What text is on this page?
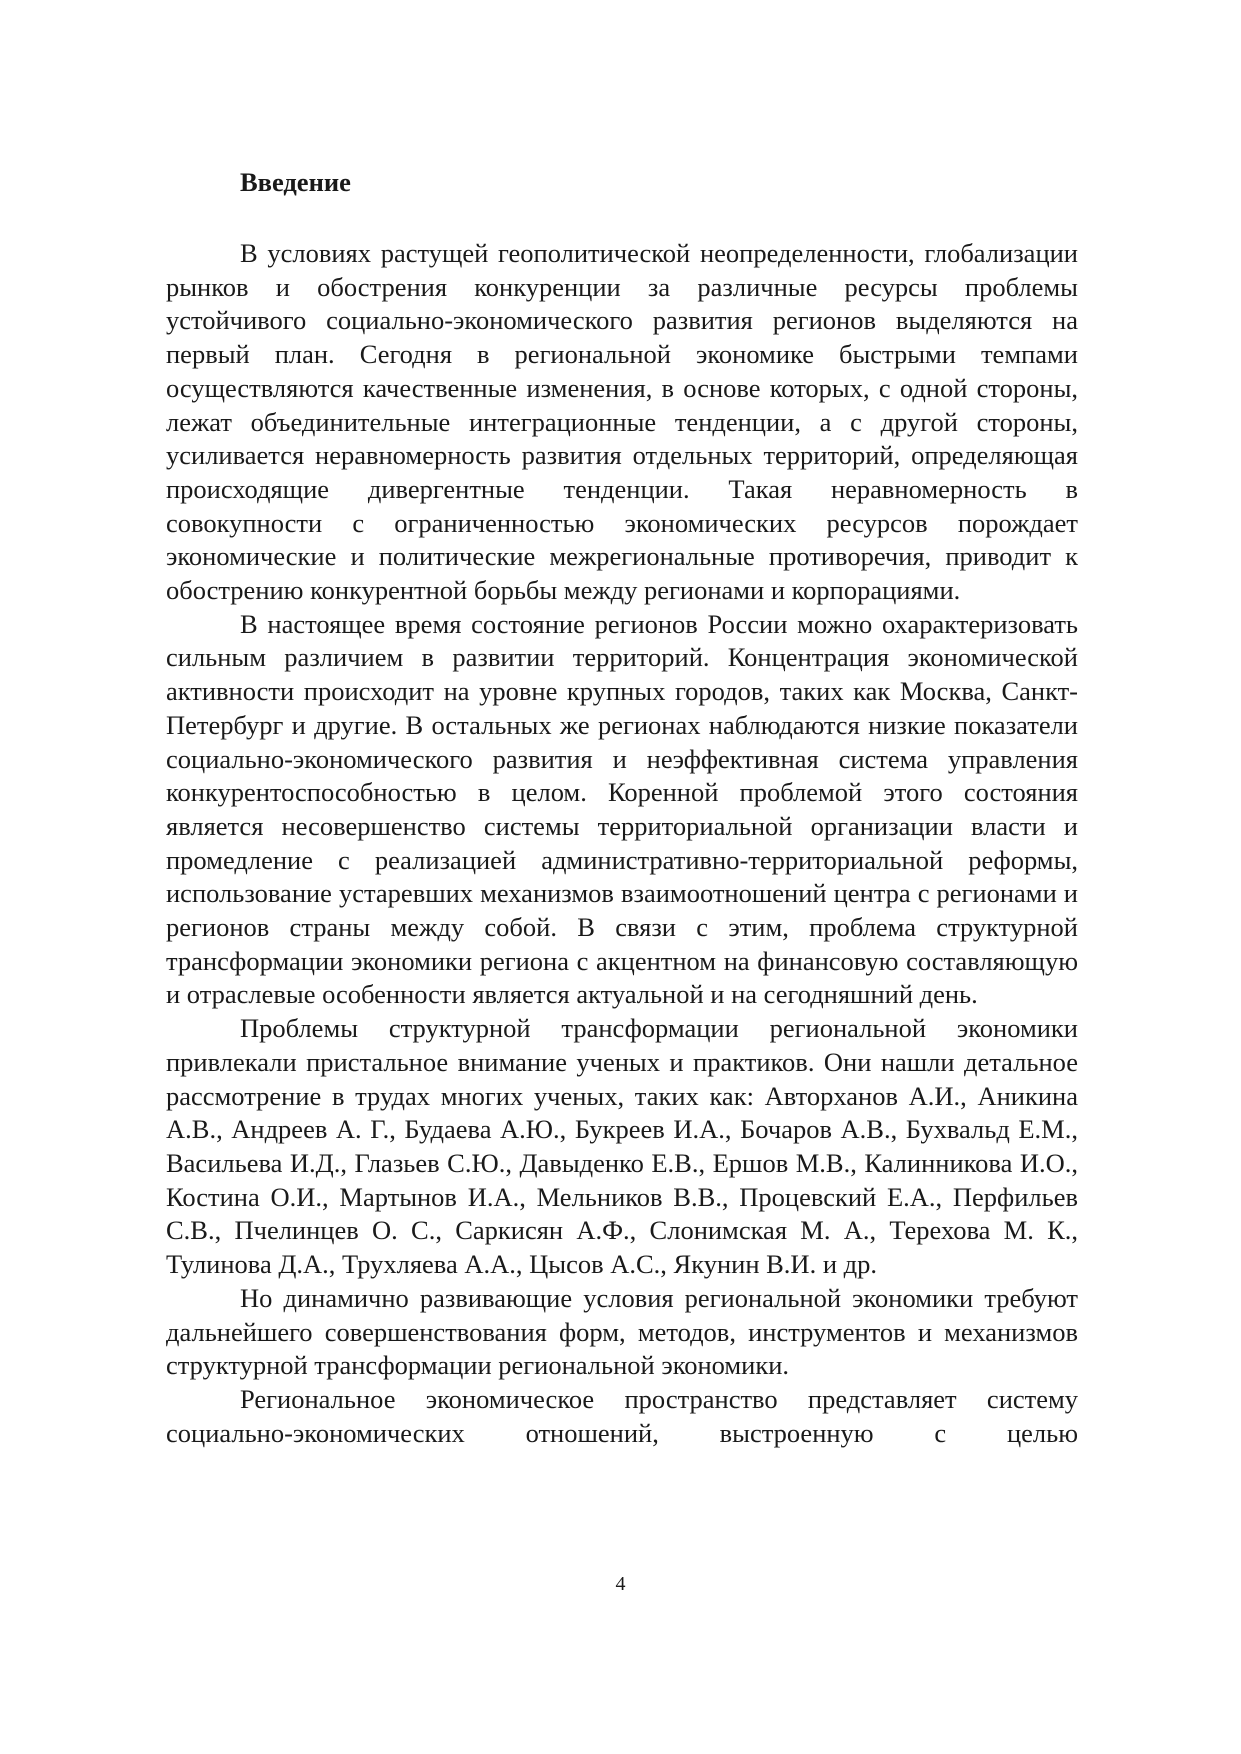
Введение

В условиях растущей геополитической неопределенности, глобализации рынков и обострения конкуренции за различные ресурсы проблемы устойчивого социально-экономического развития регионов выделяются на первый план. Сегодня в региональной экономике быстрыми темпами осуществляются качественные изменения, в основе которых, с одной стороны, лежат объединительные интеграционные тенденции, а с другой стороны, усиливается неравномерность развития отдельных территорий, определяющая происходящие дивергентные тенденции. Такая неравномерность в совокупности с ограниченностью экономических ресурсов порождает экономические и политические межрегиональные противоречия, приводит к обострению конкурентной борьбы между регионами и корпорациями.

В настоящее время состояние регионов России можно охарактеризовать сильным различием в развитии территорий. Концентрация экономической активности происходит на уровне крупных городов, таких как Москва, Санкт-Петербург и другие. В остальных же регионах наблюдаются низкие показатели социально-экономического развития и неэффективная система управления конкурентоспособностью в целом. Коренной проблемой этого состояния является несовершенство системы территориальной организации власти и промедление с реализацией административно-территориальной реформы, использование устаревших механизмов взаимоотношений центра с регионами и регионов страны между собой. В связи с этим, проблема структурной трансформации экономики региона с акцентном на финансовую составляющую и отраслевые особенности является актуальной и на сегодняшний день.

Проблемы структурной трансформации региональной экономики привлекали пристальное внимание ученых и практиков. Они нашли детальное рассмотрение в трудах многих ученых, таких как: Авторханов А.И., Аникина А.В., Андреев А. Г., Будаева А.Ю., Букреев И.А., Бочаров А.В., Бухвальд Е.М., Васильева И.Д., Глазьев С.Ю., Давыденко Е.В., Ершов М.В., Калинникова И.О., Костина О.И., Мартынов И.А., Мельников В.В., Процевский Е.А., Перфильев С.В., Пчелинцев О. С., Саркисян А.Ф., Слонимская М. А., Терехова М. К., Тулинова Д.А., Трухляева А.А., Цысов А.С., Якунин В.И. и др.

Но динамично развивающие условия региональной экономики требуют дальнейшего совершенствования форм, методов, инструментов и механизмов структурной трансформации региональной экономики.

Региональное экономическое пространство представляет систему социально-экономических отношений, выстроенную с целью

4
